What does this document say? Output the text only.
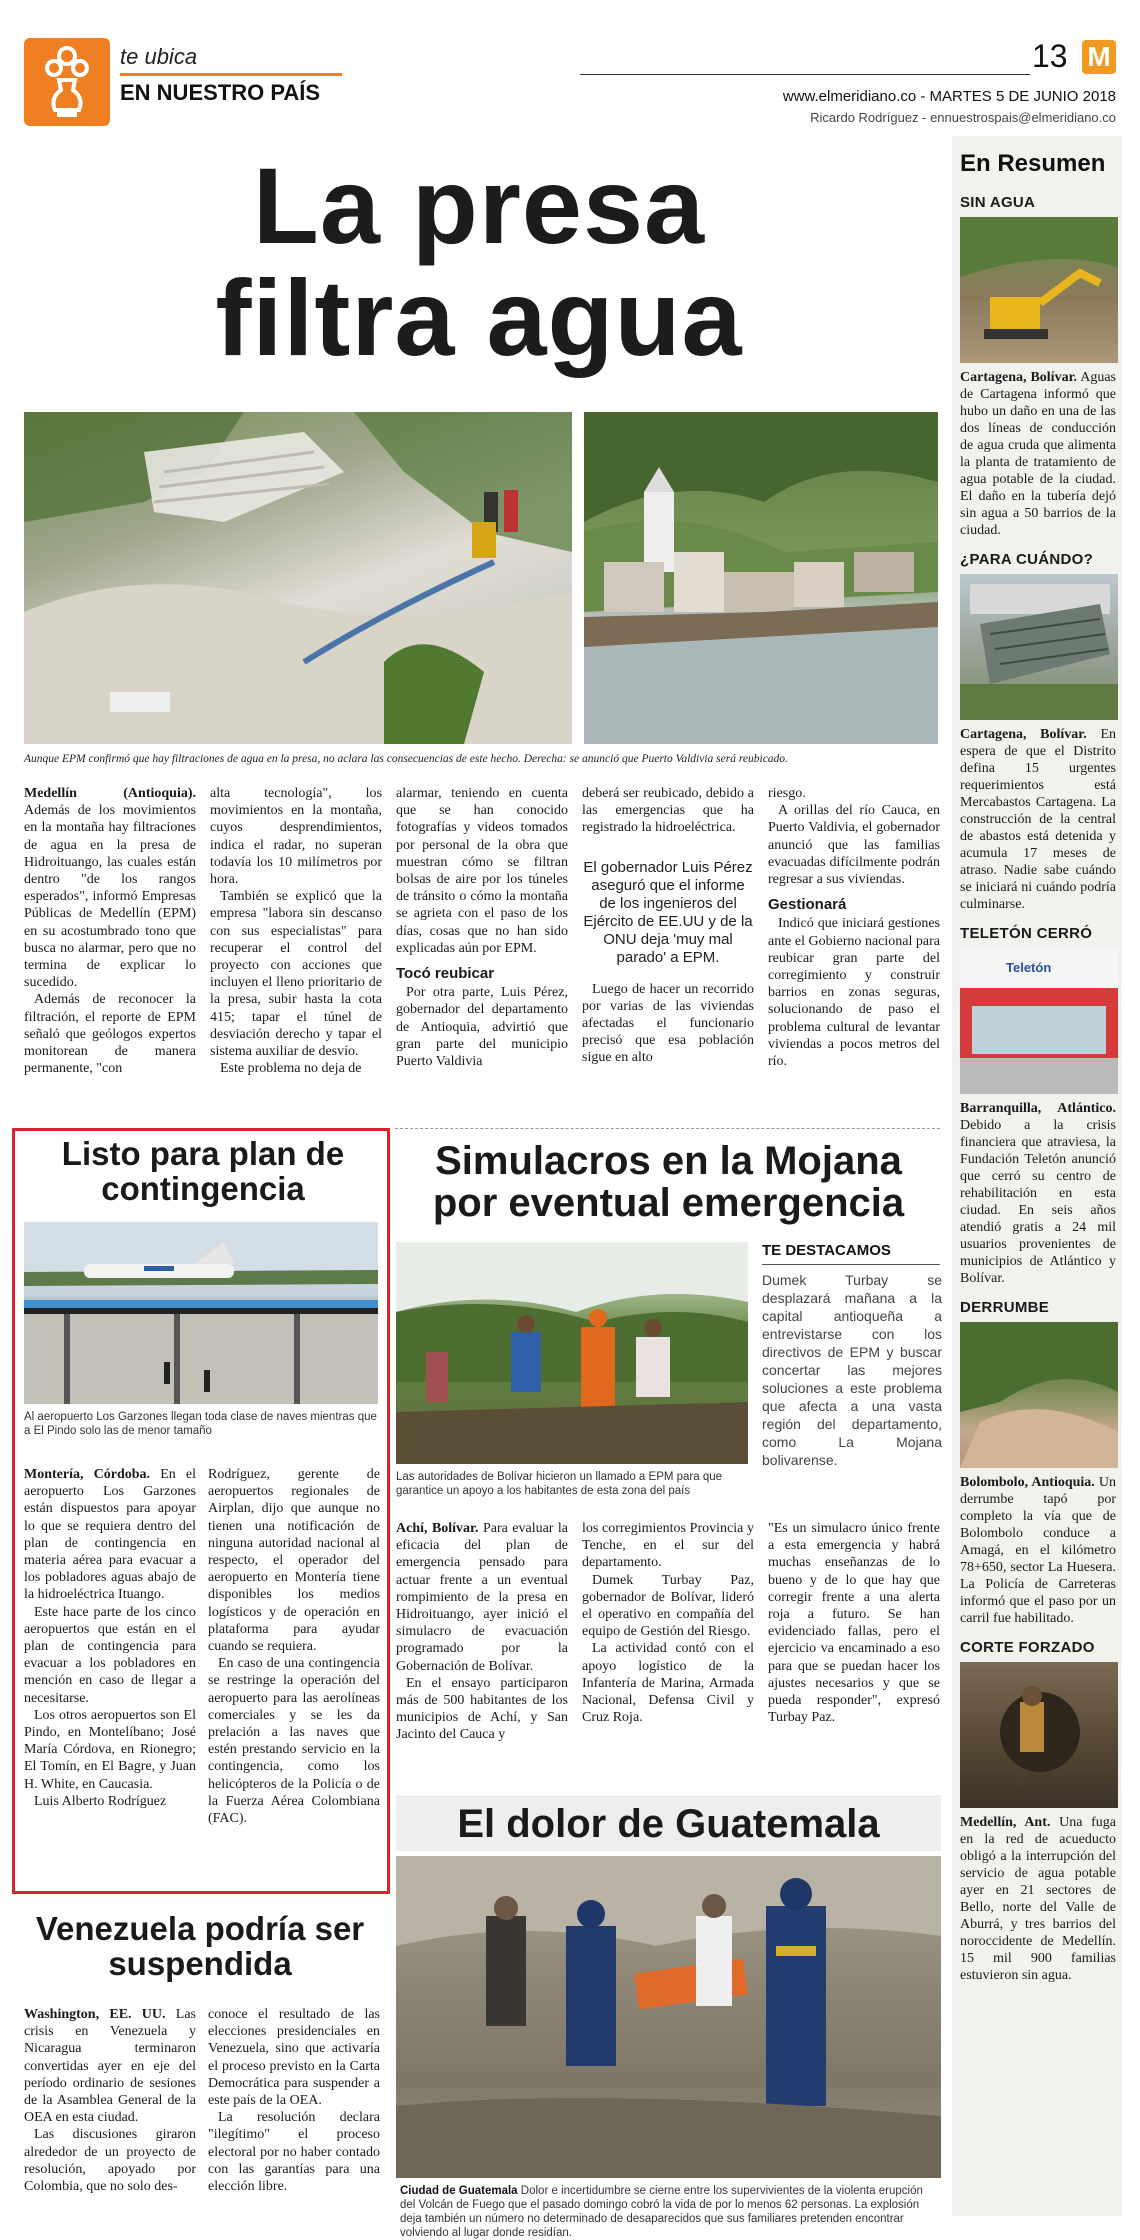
te ubica
EN NUESTRO PAÍS
13 M
www.elmeridiano.co - MARTES 5 DE JUNIO 2018
Ricardo Rodríguez - ennuestrospais@elmeridiano.co
La presa
filtra agua
Aunque EPM confirmó que hay filtraciones de agua en la presa, no aclara las consecuencias de este hecho. Derecha: se anunció que Puerto Valdivia será reubicado.

Medellín (Antioquia). Además de los movimientos en la montaña hay filtraciones de agua en la presa de Hidroituango, las cuales están dentro "de los rangos esperados", informó Empresas Públicas de Medellín (EPM) en su acostumbrado tono que busca no alarmar, pero que no termina de explicar lo sucedido.

Además de reconocer la filtración, el reporte de EPM señaló que geólogos expertos monitorean de manera permanente, "con

alta tecnología", los movimientos en la montaña, cuyos desprendimientos, indica el radar, no superan todavía los 10 milímetros por hora.

También se explicó que la empresa "labora sin descanso con sus especialistas" para recuperar el control del proyecto con acciones que incluyen el lleno prioritario de la presa, subir hasta la cota 415; tapar el túnel de desviación derecho y tapar el sistema auxiliar de desvío.

Este problema no deja de

alarmar, teniendo en cuenta que se han conocido fotografías y videos tomados por personal de la obra que muestran cómo se filtran bolsas de aire por los túneles de tránsito o cómo la montaña se agrieta con el paso de los días, cosas que no han sido explicadas aún por EPM.

Tocó reubicar

Por otra parte, Luis Pérez, gobernador del departamento de Antioquia, advirtió que gran parte del municipio Puerto Valdivia

deberá ser reubicado, debido a las emergencias que ha registrado la hidroeléctrica.

El gobernador Luis Pérez aseguró que el informe de los ingenieros del Ejército de EE.UU y de la ONU deja 'muy mal parado' a EPM.

Luego de hacer un recorrido por varias de las viviendas afectadas el funcionario precisó que esa población sigue en alto

riesgo.

A orillas del río Cauca, en Puerto Valdivia, el gobernador anunció que las familias evacuadas difícilmente podrán regresar a sus viviendas.

Gestionará

Indicó que iniciará gestiones ante el Gobierno nacional para reubicar gran parte del corregimiento y construir barrios en zonas seguras, solucionando de paso el problema cultural de levantar viviendas a pocos metros del río.

Listo para plan de contingencia
Al aeropuerto Los Garzones llegan toda clase de naves mientras que a El Pindo solo las de menor tamaño

Montería, Córdoba. En el aeropuerto Los Garzones están dispuestos para apoyar lo que se requiera dentro del plan de contingencia en materia aérea para evacuar a los pobladores aguas abajo de la hidroeléctrica Ituango.

Este hace parte de los cinco aeropuertos que están en el plan de contingencia para evacuar a los pobladores en mención en caso de llegar a necesitarse.

Los otros aeropuertos son El Pindo, en Montelíbano; José María Córdova, en Rionegro; El Tomín, en El Bagre, y Juan H. White, en Caucasia.

Luis Alberto Rodríguez

Rodríguez, gerente de aeropuertos regionales de Airplan, dijo que aunque no tienen una notificación de ninguna autoridad nacional al respecto, el operador del aeropuerto en Montería tiene disponibles los medios logísticos y de operación en plataforma para ayudar cuando se requiera.

En caso de una contingencia se restringe la operación del aeropuerto para las aerolíneas comerciales y se les da prelación a las naves que estén prestando servicio en la contingencia, como los helicópteros de la Policía o de la Fuerza Aérea Colombiana (FAC).

Simulacros en la Mojana
por eventual emergencia
Las autoridades de Bolívar hicieron un llamado a EPM para que garantice un apoyo a los habitantes de esta zona del país
TE DESTACAMOS
Dumek Turbay se desplazará mañana a la capital antioqueña a entrevistarse con los directivos de EPM y buscar concertar las mejores soluciones a este problema que afecta a una vasta región del departamento, como La Mojana bolivarense.

Achí, Bolívar. Para evaluar la eficacia del plan de emergencia pensado para actuar frente a un eventual rompimiento de la presa en Hidroituango, ayer inició el simulacro de evacuación programado por la Gobernación de Bolívar.

En el ensayo participaron más de 500 habitantes de los municipios de Achí, y San Jacinto del Cauca y

los corregimientos Provincia y Tenche, en el sur del departamento.

Dumek Turbay Paz, gobernador de Bolívar, lideró el operativo en compañía del equipo de Gestión del Riesgo.

La actividad contó con el apoyo logístico de la Infantería de Marina, Armada Nacional, Defensa Civil y Cruz Roja.

"Es un simulacro único frente a esta emergencia y habrá muchas enseñanzas de lo bueno y de lo que hay que corregir frente a una alerta roja a futuro. Se han evidenciado fallas, pero el ejercicio va encaminado a eso para que se puedan hacer los ajustes necesarios y que se pueda responder", expresó Turbay Paz.

El dolor de Guatemala
Ciudad de Guatemala Dolor e incertidumbre se cierne entre los supervivientes de la violenta erupción del Volcán de Fuego que el pasado domingo cobró la vida de por lo menos 62 personas. La explosión deja también un número no determinado de desaparecidos que sus familiares pretenden encontrar volviendo al lugar donde residían.
Venezuela podría ser suspendida

Washington, EE. UU. Las crisis en Venezuela y Nicaragua terminaron convertidas ayer en eje del período ordinario de sesiones de la Asamblea General de la OEA en esta ciudad.

Las discusiones giraron alrededor de un proyecto de resolución, apoyado por Colombia, que no solo des-

conoce el resultado de las elecciones presidenciales en Venezuela, sino que activaría el proceso previsto en la Carta Democrática para suspender a este país de la OEA.

La resolución declara "ilegítimo" el proceso electoral por no haber contado con las garantías para una elección libre.

En Resumen
SIN AGUA
Cartagena, Bolívar. Aguas de Cartagena informó que hubo un daño en una de las dos líneas de conducción de agua cruda que alimenta la planta de tratamiento de agua potable de la ciudad. El daño en la tubería dejó sin agua a 50 barrios de la ciudad.
¿PARA CUÁNDO?
Cartagena, Bolívar. En espera de que el Distrito defina 15 urgentes requerimientos está Mercabastos Cartagena. La construcción de la central de abastos está detenida y acumula 17 meses de atraso. Nadie sabe cuándo se iniciará ni cuándo podría culminarse.
TELETÓN CERRÓ
Teletón
Barranquilla, Atlántico. Debido a la crisis financiera que atraviesa, la Fundación Teletón anunció que cerró su centro de rehabilitación en esta ciudad. En seis años atendió gratis a 24 mil usuarios provenientes de municipios de Atlántico y Bolívar.
DERRUMBE
Bolombolo, Antioquia. Un derrumbe tapó por completo la vía que de Bolombolo conduce a Amagá, en el kilómetro 78+650, sector La Huesera. La Policía de Carreteras informó que el paso por un carril fue habilitado.
CORTE FORZADO
Medellín, Ant. Una fuga en la red de acueducto obligó a la interrupción del servicio de agua potable ayer en 21 sectores de Bello, norte del Valle de Aburrá, y tres barrios del noroccidente de Medellín. 15 mil 900 familias estuvieron sin agua.
